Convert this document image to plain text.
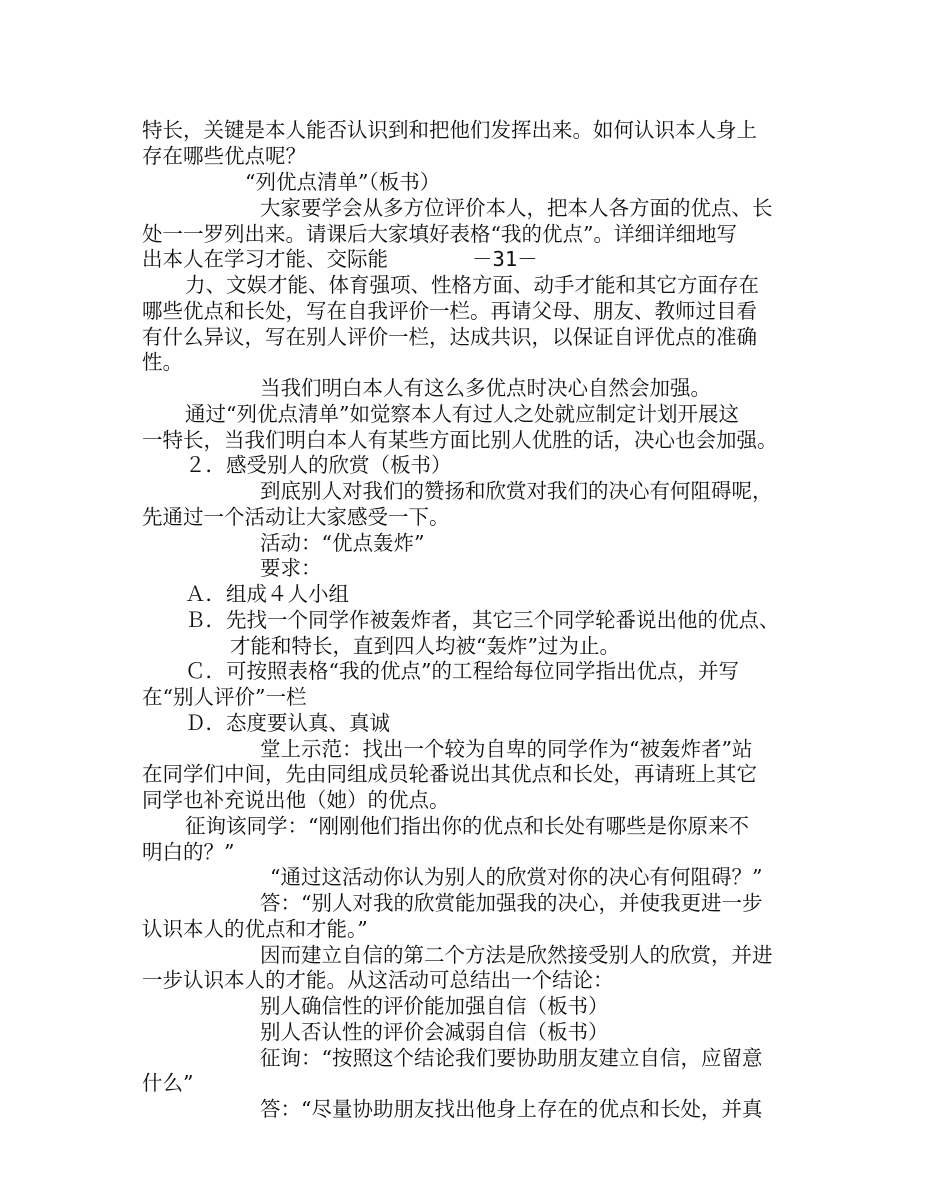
特长，关键是本人能否认识到和把他们发挥出来。如何认识本人身上
存在哪些优点呢？
“列优点清单”（板书）
大家要学会从多方位评价本人，把本人各方面的优点、长
处一一罗列出来。请课后大家填好表格“我的优点”。详细详细地写
出本人在学习才能、交际能	－31－
力、文娱才能、体育强项、性格方面、动手才能和其它方面存在
哪些优点和长处，写在自我评价一栏。再请父母、朋友、教师过目看
有什么异议，写在别人评价一栏，达成共识，以保证自评优点的准确
性。
当我们明白本人有这么多优点时决心自然会加强。
通过“列优点清单”如觉察本人有过人之处就应制定计划开展这
一特长，当我们明白本人有某些方面比别人优胜的话，决心也会加强。
２．感受别人的欣赏（板书）
到底别人对我们的赞扬和欣赏对我们的决心有何阻碍呢，
先通过一个活动让大家感受一下。
活动：“优点轰炸”
要求：
Ａ．组成４人小组
Ｂ．先找一个同学作被轰炸者，其它三个同学轮番说出他的优点、
才能和特长，直到四人均被“轰炸”过为止。
Ｃ．可按照表格“我的优点”的工程给每位同学指出优点，并写
在“别人评价”一栏
Ｄ．态度要认真、真诚
堂上示范：找出一个较为自卑的同学作为“被轰炸者”站
在同学们中间，先由同组成员轮番说出其优点和长处，再请班上其它
同学也补充说出他（她）的优点。
征询该同学：“刚刚他们指出你的优点和长处有哪些是你原来不
明白的？”
“通过这活动你认为别人的欣赏对你的决心有何阻碍？”
答：“别人对我的欣赏能加强我的决心，并使我更进一步
认识本人的优点和才能。”
因而建立自信的第二个方法是欣然接受别人的欣赏，并进
一步认识本人的才能。从这活动可总结出一个结论：
别人确信性的评价能加强自信（板书）
别人否认性的评价会减弱自信（板书）
征询：“按照这个结论我们要协助朋友建立自信，应留意
什么”
答：“尽量协助朋友找出他身上存在的优点和长处，并真
